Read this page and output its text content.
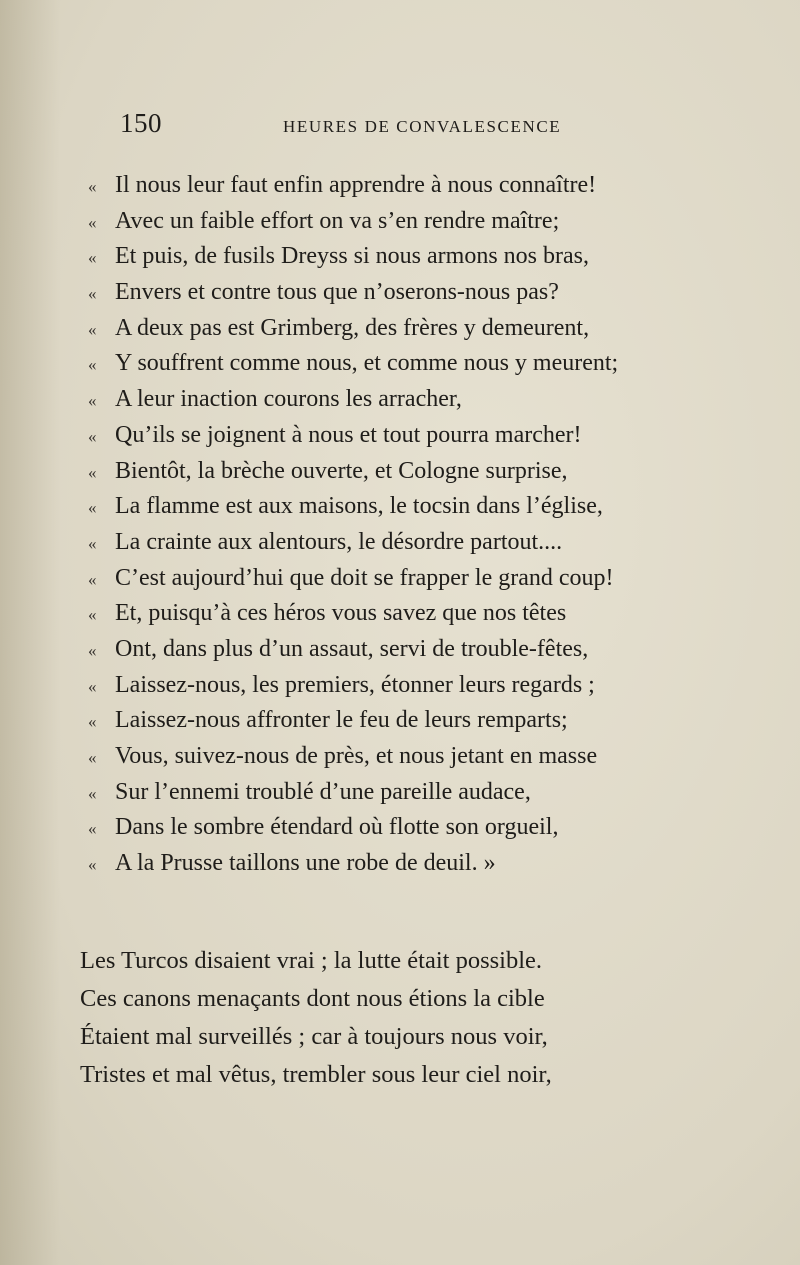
150	HEURES DE CONVALESCENCE
« Il nous leur faut enfin apprendre à nous connaître!
« Avec un faible effort on va s’en rendre maître;
« Et puis, de fusils Dreyss si nous armons nos bras,
« Envers et contre tous que n’oserons-nous pas?
« A deux pas est Grimberg, des frères y demeurent,
« Y souffrent comme nous, et comme nous y meurent;
« A leur inaction courons les arracher,
« Qu’ils se joignent à nous et tout pourra marcher!
« Bientôt, la brèche ouverte, et Cologne surprise,
« La flamme est aux maisons, le tocsin dans l’église,
« La crainte aux alentours, le désordre partout....
« C’est aujourd’hui que doit se frapper le grand coup!
« Et, puisqu’à ces héros vous savez que nos têtes
« Ont, dans plus d’un assaut, servi de trouble-fêtes,
« Laissez-nous, les premiers, étonner leurs regards ;
« Laissez-nous affronter le feu de leurs remparts;
« Vous, suivez-nous de près, et nous jetant en masse
« Sur l’ennemi troublé d’une pareille audace,
« Dans le sombre étendard où flotte son orgueil,
« A la Prusse taillons une robe de deuil. »
Les Turcos disaient vrai ; la lutte était possible.
Ces canons menaçants dont nous étions la cible
Étaient mal surveillés ; car à toujours nous voir,
Tristes et mal vêtus, trembler sous leur ciel noir,
